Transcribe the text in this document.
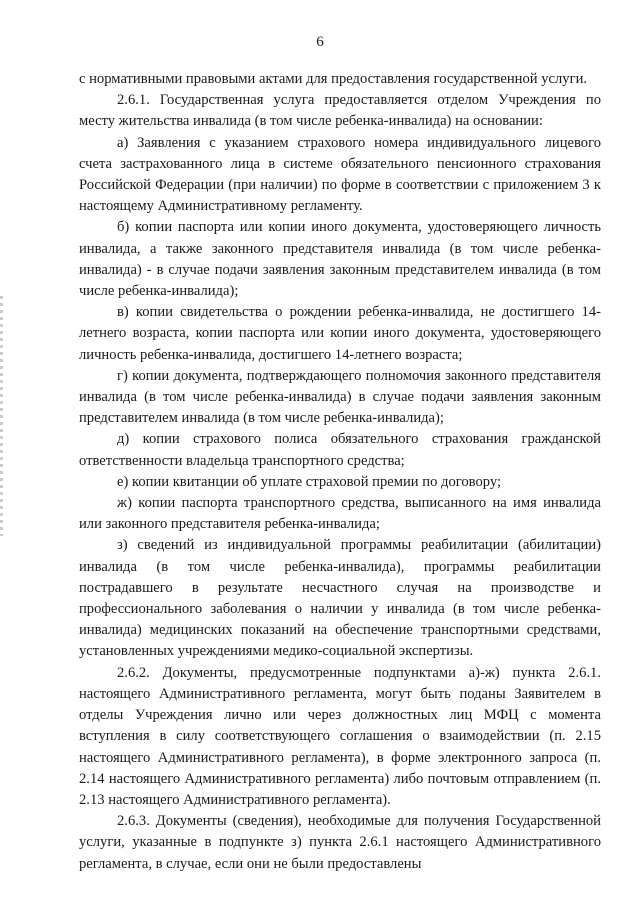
6

с нормативными правовыми актами для предоставления государственной услуги.

2.6.1. Государственная услуга предоставляется отделом Учреждения по месту жительства инвалида (в том числе ребенка-инвалида) на основании:

а) Заявления с указанием страхового номера индивидуального лицевого счета застрахованного лица в системе обязательного пенсионного страхования Российской Федерации (при наличии) по форме в соответствии с приложением 3 к настоящему Административному регламенту.

б) копии паспорта или копии иного документа, удостоверяющего личность инвалида, а также законного представителя инвалида (в том числе ребенка-инвалида) - в случае подачи заявления законным представителем инвалида (в том числе ребенка-инвалида);

в) копии свидетельства о рождении ребенка-инвалида, не достигшего 14-летнего возраста, копии паспорта или копии иного документа, удостоверяющего личность ребенка-инвалида, достигшего 14-летнего возраста;

г) копии документа, подтверждающего полномочия законного представителя инвалида (в том числе ребенка-инвалида) в случае подачи заявления законным представителем инвалида (в том числе ребенка-инвалида);

д) копии страхового полиса обязательного страхования гражданской ответственности владельца транспортного средства;

е) копии квитанции об уплате страховой премии по договору;

ж) копии паспорта транспортного средства, выписанного на имя инвалида или законного представителя ребенка-инвалида;

з) сведений из индивидуальной программы реабилитации (абилитации) инвалида (в том числе ребенка-инвалида), программы реабилитации пострадавшего в результате несчастного случая на производстве и профессионального заболевания о наличии у инвалида (в том числе ребенка-инвалида) медицинских показаний на обеспечение транспортными средствами, установленных учреждениями медико-социальной экспертизы.

2.6.2. Документы, предусмотренные подпунктами а)-ж) пункта 2.6.1. настоящего Административного регламента, могут быть поданы Заявителем в отделы Учреждения лично или через должностных лиц МФЦ с момента вступления в силу соответствующего соглашения о взаимодействии (п. 2.15 настоящего Административного регламента), в форме электронного запроса (п. 2.14 настоящего Административного регламента) либо почтовым отправлением (п. 2.13 настоящего Административного регламента).

2.6.3. Документы (сведения), необходимые для получения Государственной услуги, указанные в подпункте з) пункта 2.6.1 настоящего Административного регламента, в случае, если они не были предоставлены
